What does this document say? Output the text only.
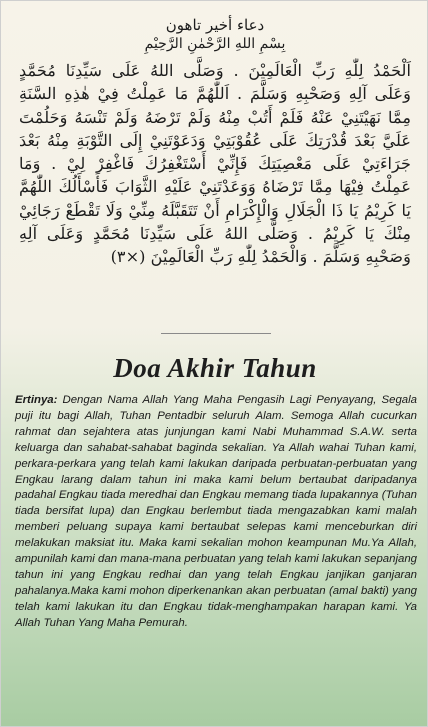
دعاء أخير تاهون
بِسْمِ اللهِ الرَّحْمٰنِ الرَّحِيْمِ
اَلْحَمْدُ لِلّٰهِ رَبِّ الْعَالَمِيْنَ . وَصَلَّى اللهُ عَلَى سَيِّدِنَا مُحَمَّدٍ وَعَلَى آلِهِ وَصَحْبِهِ وَسَلَّمَ . اَللّٰهُمَّ مَا عَمِلْتُ فِيْ هٰذِهِ السَّنَةِ مِمَّا نَهَيْتَنِيْ عَنْهُ فَلَمْ أَتُبْ مِنْهُ وَلَمْ تَرْضَهُ وَلَمْ تَنْسَهُ وَحَلُمْتَ عَلَيَّ بَعْدَ قُدْرَتِكَ عَلَى عُقُوْبَتِيْ وَدَعَوْتَنِيْ إِلَى التَّوْبَةِ مِنْهُ بَعْدَ جَرَاءَتِيْ عَلَى مَعْصِيَتِكَ فَإِنِّيْ أَسْتَغْفِرُكَ فَاغْفِرْ لِيْ . وَمَا عَمِلْتُ فِيْهَا مِمَّا تَرْضَاهُ وَوَعَدْتَنِيْ عَلَيْهِ الثَّوَابَ فَأَسْأَلُكَ اللّٰهُمَّ يَا كَرِيْمُ يَا ذَا الْجَلَالِ وَالْإِكْرَامِ أَنْ تَتَقَبَّلَهُ مِنِّيْ وَلَا تَقْطَعْ رَجَائِيْ مِنْكَ يَا كَرِيْمُ . وَصَلَّى اللهُ عَلَى سَيِّدِنَا مُحَمَّدٍ وَعَلَى آلِهِ وَصَحْبِهِ وَسَلَّمَ . وَالْحَمْدُ لِلّٰهِ رَبِّ الْعَالَمِيْنَ (×٣)
Doa Akhir Tahun
Ertinya: Dengan Nama Allah Yang Maha Pengasih Lagi Penyayang, Segala puji itu bagi Allah, Tuhan Pentadbir seluruh Alam. Semoga Allah cucurkan rahmat dan sejahtera atas junjungan kami Nabi Muhammad S.A.W. serta keluarga dan sahabat-sahabat baginda sekalian. Ya Allah wahai Tuhan kami, perkara-perkara yang telah kami lakukan daripada perbuatan-perbuatan yang Engkau larang dalam tahun ini maka kami belum bertaubat daripadanya padahal Engkau tiada meredhai dan Engkau memang tiada lupakannya (Tuhan tiada bersifat lupa) dan Engkau berlembut tiada mengazabkan kami malah memberi peluang supaya kami bertaubat selepas kami menceburkan diri melakukan maksiat itu. Maka kami sekalian mohon keampunan Mu.Ya Allah, ampunilah kami dan mana-mana perbuatan yang telah kami lakukan sepanjang tahun ini yang Engkau redhai dan yang telah Engkau janjikan ganjaran pahalanya.Maka kami mohon diperkenankan akan perbuatan (amal bakti) yang telah kami lakukan itu dan Engkau tidak-menghampakan harapan kami. Ya Allah Tuhan Yang Maha Pemurah.
